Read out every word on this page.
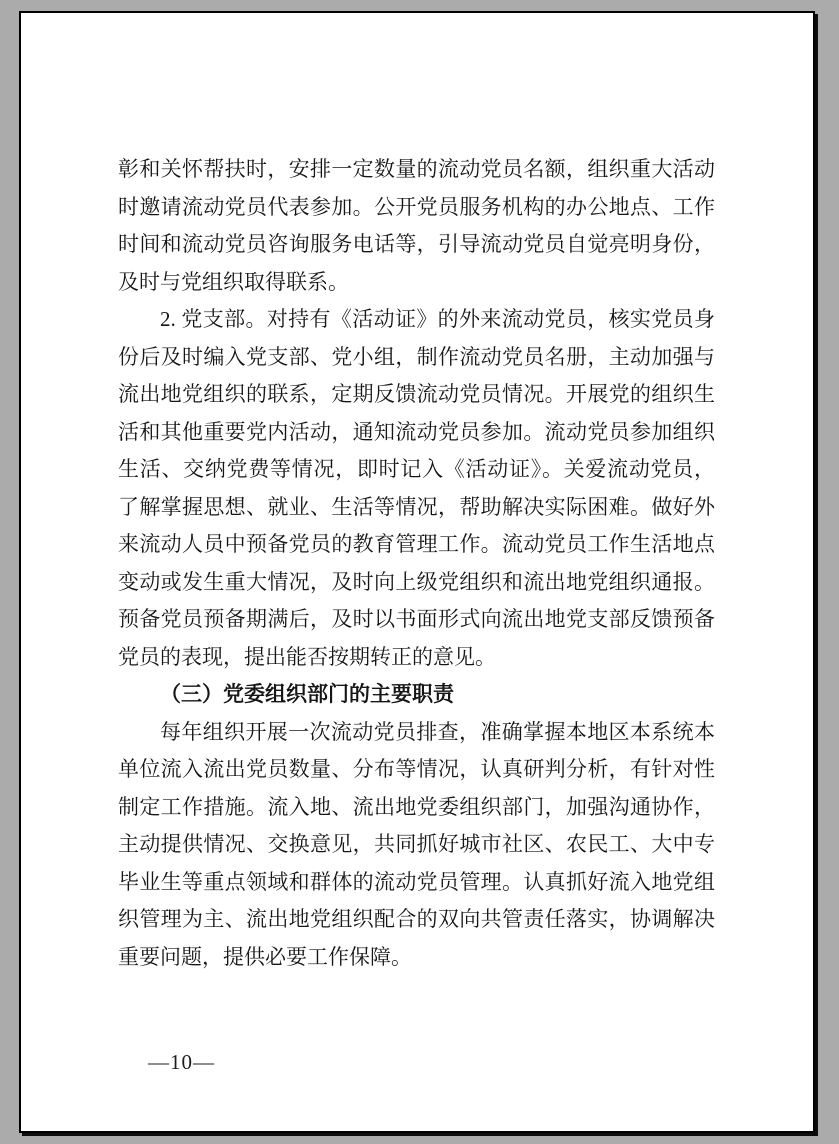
彰和关怀帮扶时，安排一定数量的流动党员名额，组织重大活动时邀请流动党员代表参加。公开党员服务机构的办公地点、工作时间和流动党员咨询服务电话等，引导流动党员自觉亮明身份，及时与党组织取得联系。

2. 党支部。对持有《活动证》的外来流动党员，核实党员身份后及时编入党支部、党小组，制作流动党员名册，主动加强与流出地党组织的联系，定期反馈流动党员情况。开展党的组织生活和其他重要党内活动，通知流动党员参加。流动党员参加组织生活、交纳党费等情况，即时记入《活动证》。关爱流动党员，了解掌握思想、就业、生活等情况，帮助解决实际困难。做好外来流动人员中预备党员的教育管理工作。流动党员工作生活地点变动或发生重大情况，及时向上级党组织和流出地党组织通报。预备党员预备期满后，及时以书面形式向流出地党支部反馈预备党员的表现，提出能否按期转正的意见。

（三）党委组织部门的主要职责

每年组织开展一次流动党员排查，准确掌握本地区本系统本单位流入流出党员数量、分布等情况，认真研判分析，有针对性制定工作措施。流入地、流出地党委组织部门，加强沟通协作，主动提供情况、交换意见，共同抓好城市社区、农民工、大中专毕业生等重点领域和群体的流动党员管理。认真抓好流入地党组织管理为主、流出地党组织配合的双向共管责任落实，协调解决重要问题，提供必要工作保障。

—10—
